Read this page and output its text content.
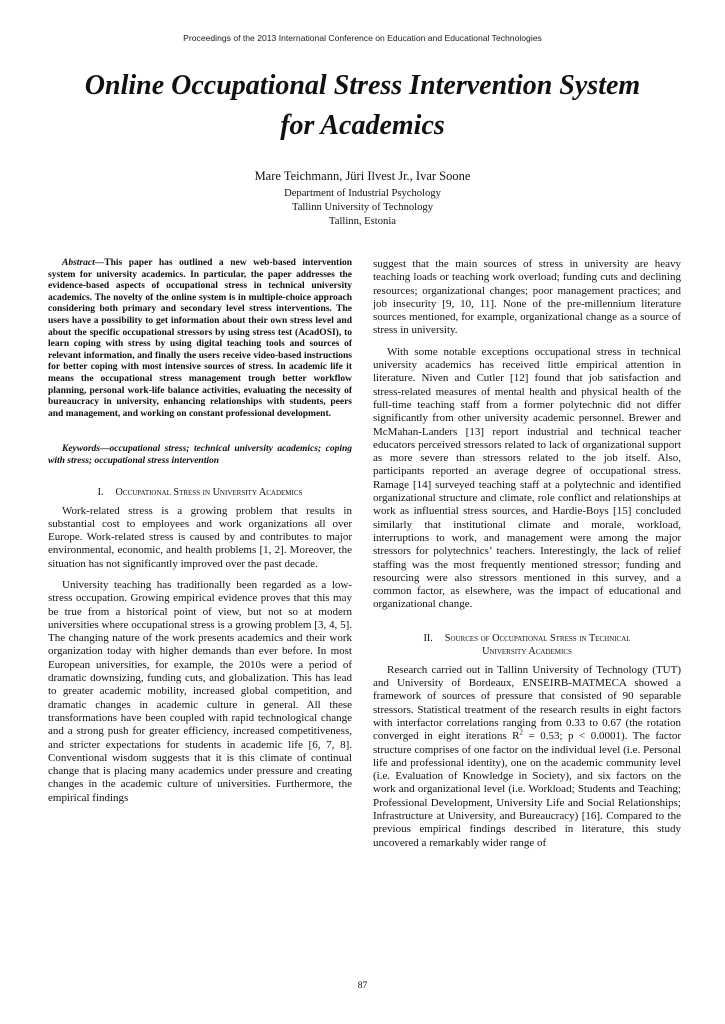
Proceedings of the 2013 International Conference on Education and Educational Technologies
Online Occupational Stress Intervention System
for Academics
Mare Teichmann, Jüri Ilvest Jr., Ivar Soone
Department of Industrial Psychology
Tallinn University of Technology
Tallinn, Estonia

Abstract—This paper has outlined a new web-based intervention system for university academics. In particular, the paper addresses the evidence-based aspects of occupational stress in technical university academics. The novelty of the online system is in multiple-choice approach considering both primary and secondary level stress interventions. The users have a possibility to get information about their own stress level and about the specific occupational stressors by using stress test (AcadOSI), to learn coping with stress by using digital teaching tools and sources of relevant information, and finally the users receive video-based instructions for better coping with most intensive sources of stress. In academic life it means the occupational stress management trough better workflow planning, personal work-life balance activities, evaluating the necessity of bureaucracy in university, enhancing relationships with students, peers and management, and working on constant professional development.

Keywords—occupational stress; technical university academics; coping with stress; occupational stress intervention

I. Occupational Stress in University Academics

Work-related stress is a growing problem that results in substantial cost to employees and work organizations all over Europe. Work-related stress is caused by and contributes to major environmental, economic, and health problems [1, 2]. Moreover, the situation has not significantly improved over the past decade.

University teaching has traditionally been regarded as a low-stress occupation. Growing empirical evidence proves that this may be true from a historical point of view, but not so at modern universities where occupational stress is a growing problem [3, 4, 5]. The changing nature of the work presents academics and their work organization today with higher demands than ever before. In most European universities, for example, the 2010s were a period of dramatic downsizing, funding cuts, and globalization. This has lead to greater academic mobility, increased global competition, and dramatic changes in academic culture in general. All these transformations have been coupled with rapid technological change and a strong push for greater efficiency, increased competitiveness, and stricter expectations for students in academic life [6, 7, 8]. Conventional wisdom suggests that it is this climate of continual change that is placing many academics under pressure and creating changes in the academic culture of universities. Furthermore, the empirical findings

suggest that the main sources of stress in university are heavy teaching loads or teaching work overload; funding cuts and declining resources; organizational changes; poor management practices; and job insecurity [9, 10, 11]. None of the pre-millennium literature sources mentioned, for example, organizational change as a source of stress in university.

With some notable exceptions occupational stress in technical university academics has received little empirical attention in literature. Niven and Cutler [12] found that job satisfaction and stress-related measures of mental health and physical health of the full-time teaching staff from a former polytechnic did not differ significantly from other university academic personnel. Brewer and McMahan-Landers [13] report industrial and technical teacher educators perceived stressors related to lack of organizational support as more severe than stressors related to the job itself. Also, participants reported an average degree of occupational stress. Ramage [14] surveyed teaching staff at a polytechnic and identified organizational structure and climate, role conflict and relationships at work as influential stress sources, and Hardie-Boys [15] concluded similarly that institutional climate and morale, workload, interruptions to work, and management were among the major stressors for polytechnics’ teachers. Interestingly, the lack of relief staffing was the most frequently mentioned stressor; funding and resourcing were also stressors mentioned in this survey, and a common factor, as elsewhere, was the impact of educational and organizational change.

II. Sources of Occupational Stress in Technical
University Academics

Research carried out in Tallinn University of Technology (TUT) and University of Bordeaux, ENSEIRB-MATMECA showed a framework of sources of pressure that consisted of 90 separable stressors. Statistical treatment of the research results in eight factors with interfactor correlations ranging from 0.33 to 0.67 (the rotation converged in eight iterations $R^2 = 0.53$; p < 0.0001). The factor structure comprises of one factor on the individual level (i.e. Personal life and professional identity), one on the academic community level (i.e. Evaluation of Knowledge in Society), and six factors on the work and organizational level (i.e. Workload; Students and Teaching; Professional Development, University Life and Social Relationships; Infrastructure at University, and Bureaucracy) [16]. Compared to the previous empirical findings described in literature, this study uncovered a remarkably wider range of

87
